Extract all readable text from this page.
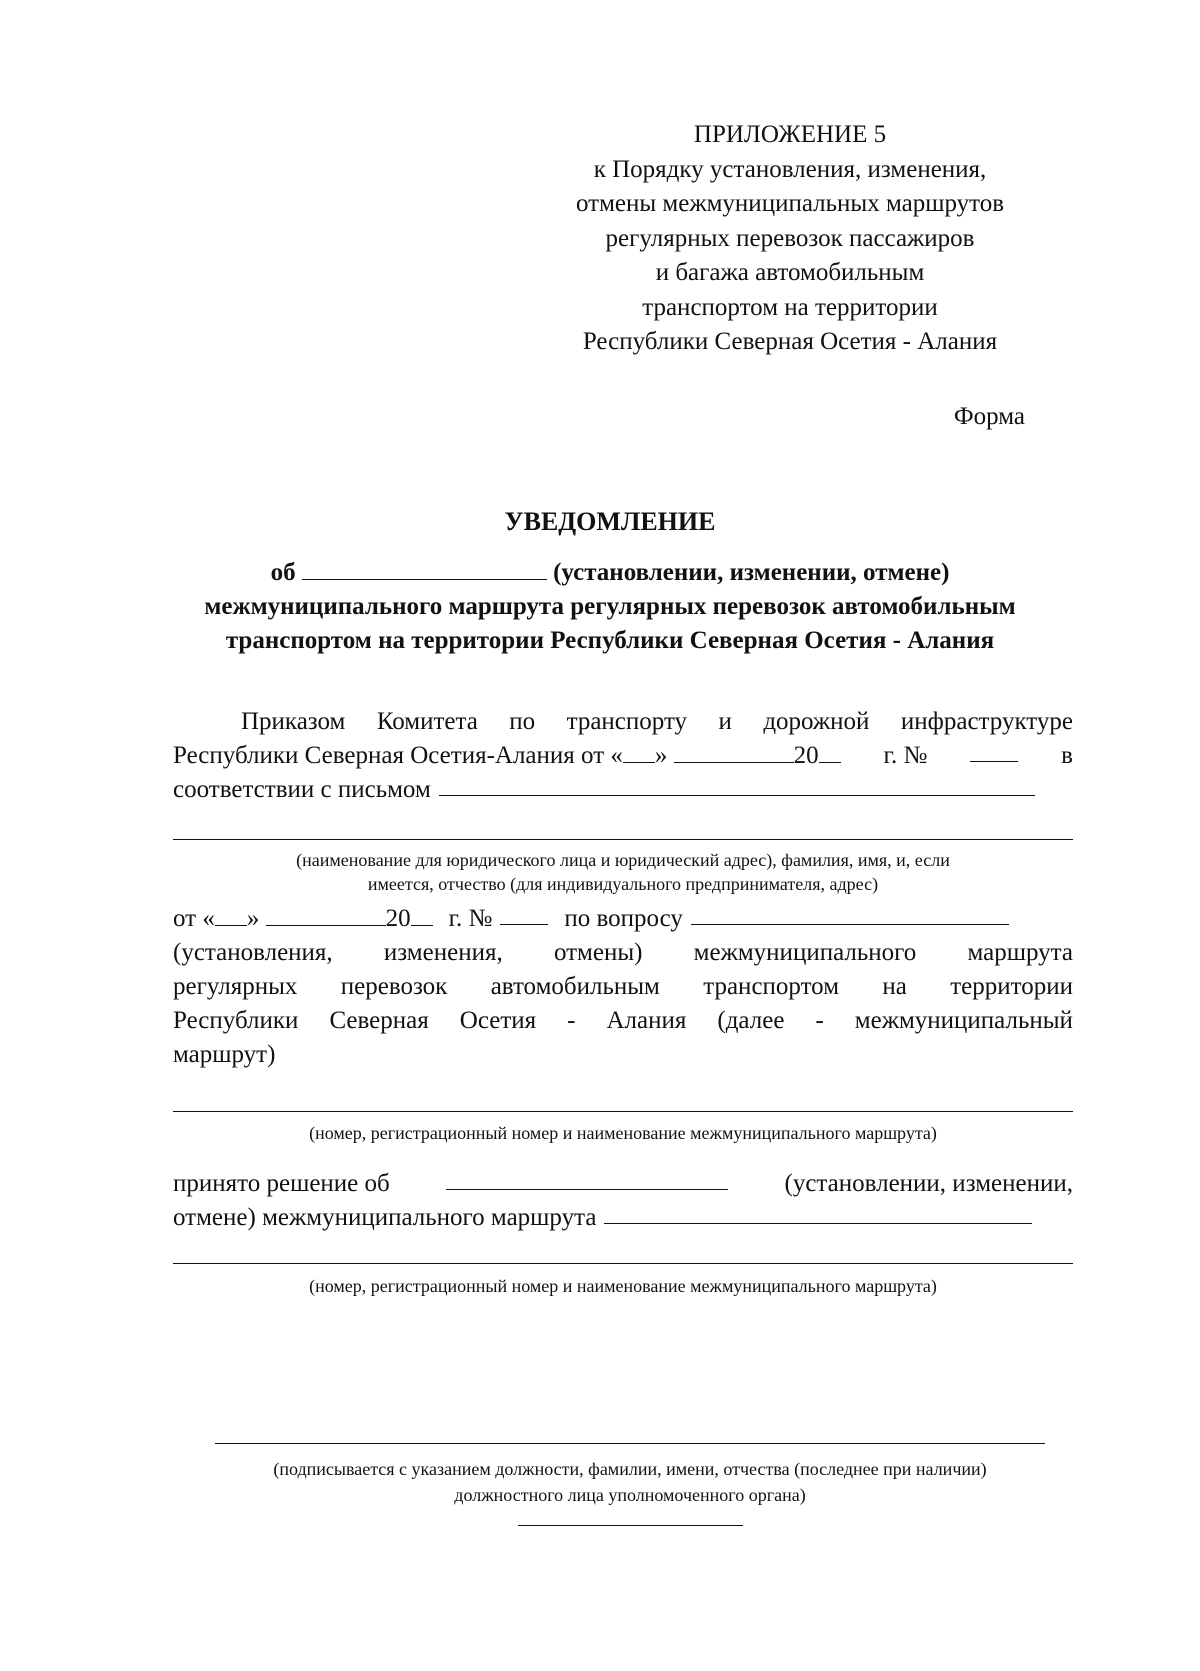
ПРИЛОЖЕНИЕ 5
к Порядку установления, изменения,
отмены межмуниципальных маршрутов
регулярных перевозок пассажиров
и багажа автомобильным
транспортом на территории
Республики Северная Осетия - Алания
Форма
УВЕДОМЛЕНИЕ
об	(установлении, изменении, отмене)
межмуниципального маршрута регулярных перевозок автомобильным
транспортом на территории Республики Северная Осетия - Алания
Приказом Комитета по транспорту и дорожной инфраструктуре
Республики Северная Осетия-Алания от « »	20	г. №	в
соответствии с письмом
(наименование для юридического лица и юридический адрес), фамилия, имя, и, если
имеется, отчество (для индивидуального предпринимателя, адрес)
от « »	20	г. №	по вопросу
(установления, изменения, отмены) межмуниципального маршрута
регулярных перевозок автомобильным транспортом на территории
Республики Северная Осетия - Алания (далее - межмуниципальный
маршрут)
(номер, регистрационный номер и наименование межмуниципального маршрута)
принято решение об	(установлении, изменении,
отмене) межмуниципального маршрута
(номер, регистрационный номер и наименование межмуниципального маршрута)
(подписывается с указанием должности, фамилии, имени, отчества (последнее при наличии)
должностного лица уполномоченного органа)
